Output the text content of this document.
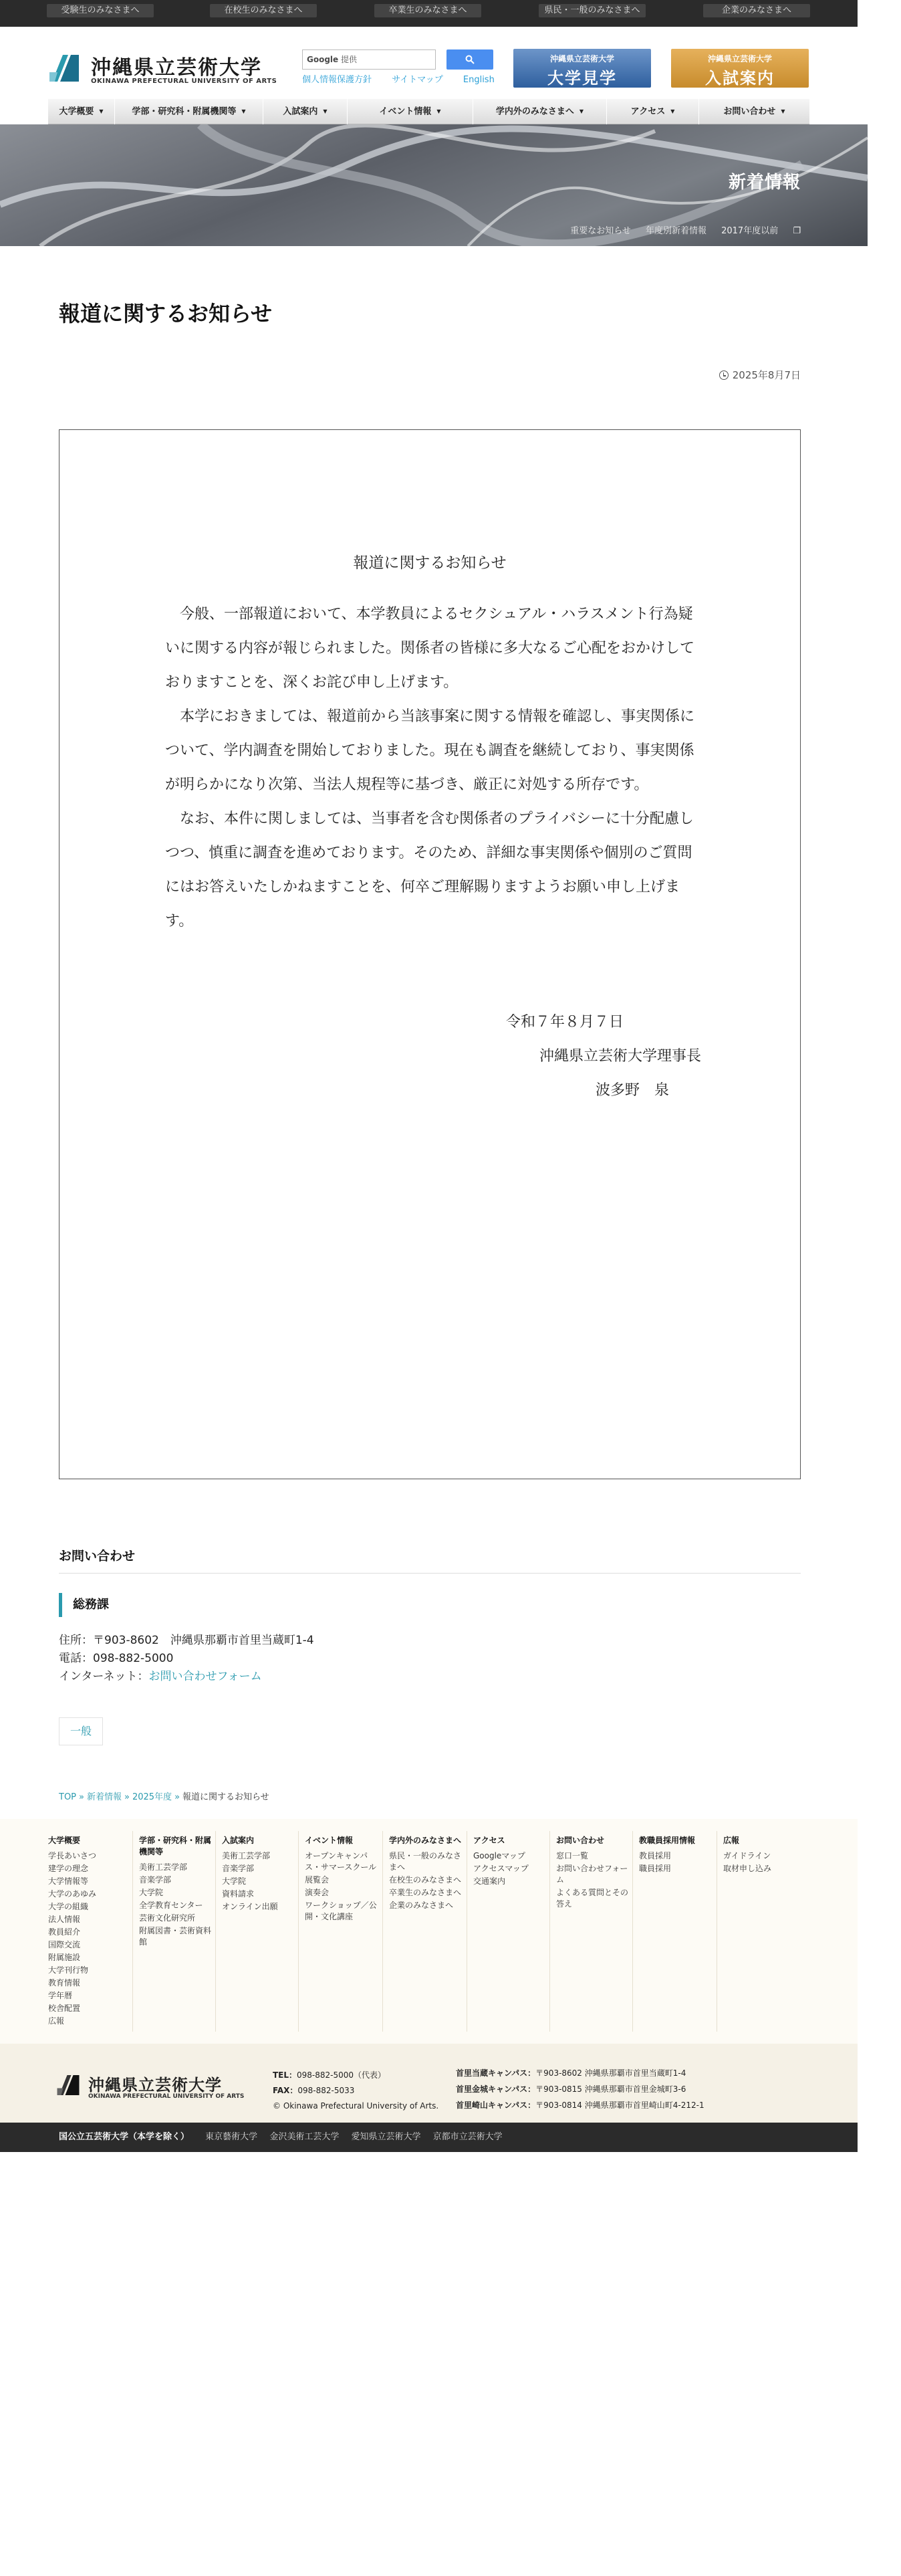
受験生のみなさまへ	在校生のみなさまへ	卒業生のみなさまへ	県民・一般のみなさまへ	企業のみなさまへ
沖縄県立芸術大学
OKINAWA PREFECTURAL UNIVERSITY OF ARTS
Google 提供
個人情報保護方針 サイトマップ English
沖縄県立芸術大学
大学見学
沖縄県立芸術大学
入試案内
大学概要 ▼	学部・研究科・附属機関等 ▼	入試案内 ▼	イベント情報 ▼	学内外のみなさまへ ▼	アクセス ▼	お問い合わせ ▼
新着情報
重要なお知らせ 年度別新着情報 2017年度以前 ❐
報道に関するお知らせ
2025年8月7日
報道に関するお知らせ

今般、一部報道において、本学教員によるセクシュアル・ハラスメント行為疑いに関する内容が報じられました。関係者の皆様に多大なるご心配をおかけしておりますことを、深くお詫び申し上げます。

本学におきましては、報道前から当該事案に関する情報を確認し、事実関係について、学内調査を開始しておりました。現在も調査を継続しており、事実関係が明らかになり次第、当法人規程等に基づき、厳正に対処する所存です。

なお、本件に関しましては、当事者を含む関係者のプライバシーに十分配慮しつつ、慎重に調査を進めております。そのため、詳細な事実関係や個別のご質問にはお答えいたしかねますことを、何卒ご理解賜りますようお願い申し上げます。

令和７年８月７日
沖縄県立芸術大学理事長
波多野　泉
お問い合わせ
総務課
住所：〒903-8602　沖縄県那覇市首里当蔵町1-4
電話：098-882-5000
インターネット：お問い合わせフォーム
一般
TOP » 新着情報 » 2025年度 » 報道に関するお知らせ
沖縄県立芸術大学
OKINAWA PREFECTURAL UNIVERSITY OF ARTS
TEL：098-882-5000（代表）
FAX：098-882-5033
© Okinawa Prefectural University of Arts.
首里当蔵キャンパス：〒903-8602 沖縄県那覇市首里当蔵町1-4
首里金城キャンパス：〒903-0815 沖縄県那覇市首里金城町3-6
首里崎山キャンパス：〒903-0814 沖縄県那覇市首里崎山町4-212-1
大学概要
学長あいさつ
建学の理念
大学情報等
大学のあゆみ
大学の組織
法人情報
教員紹介
国際交流
附属施設
大学刊行物
教育情報
学年暦
校舎配置
広報
学部・研究科・附属機関等
美術工芸学部
音楽学部
大学院
全学教育センター
芸術文化研究所
附属図書・芸術資料館
入試案内
美術工芸学部
音楽学部
大学院
資料請求
オンライン出願
イベント情報
オープンキャンパス・サマースクール
展覧会
演奏会
ワークショップ／公開・文化講座
学内外のみなさまへ
県民・一般のみなさまへ
在校生のみなさまへ
卒業生のみなさまへ
企業のみなさまへ
アクセス
Googleマップ
アクセスマップ
交通案内
お問い合わせ
窓口一覧
お問い合わせフォーム
よくある質問とその答え
教職員採用情報
教員採用
職員採用
広報
ガイドライン
取材申し込み
国公立五芸術大学（本学を除く） 東京藝術大学 金沢美術工芸大学 愛知県立芸術大学 京都市立芸術大学
